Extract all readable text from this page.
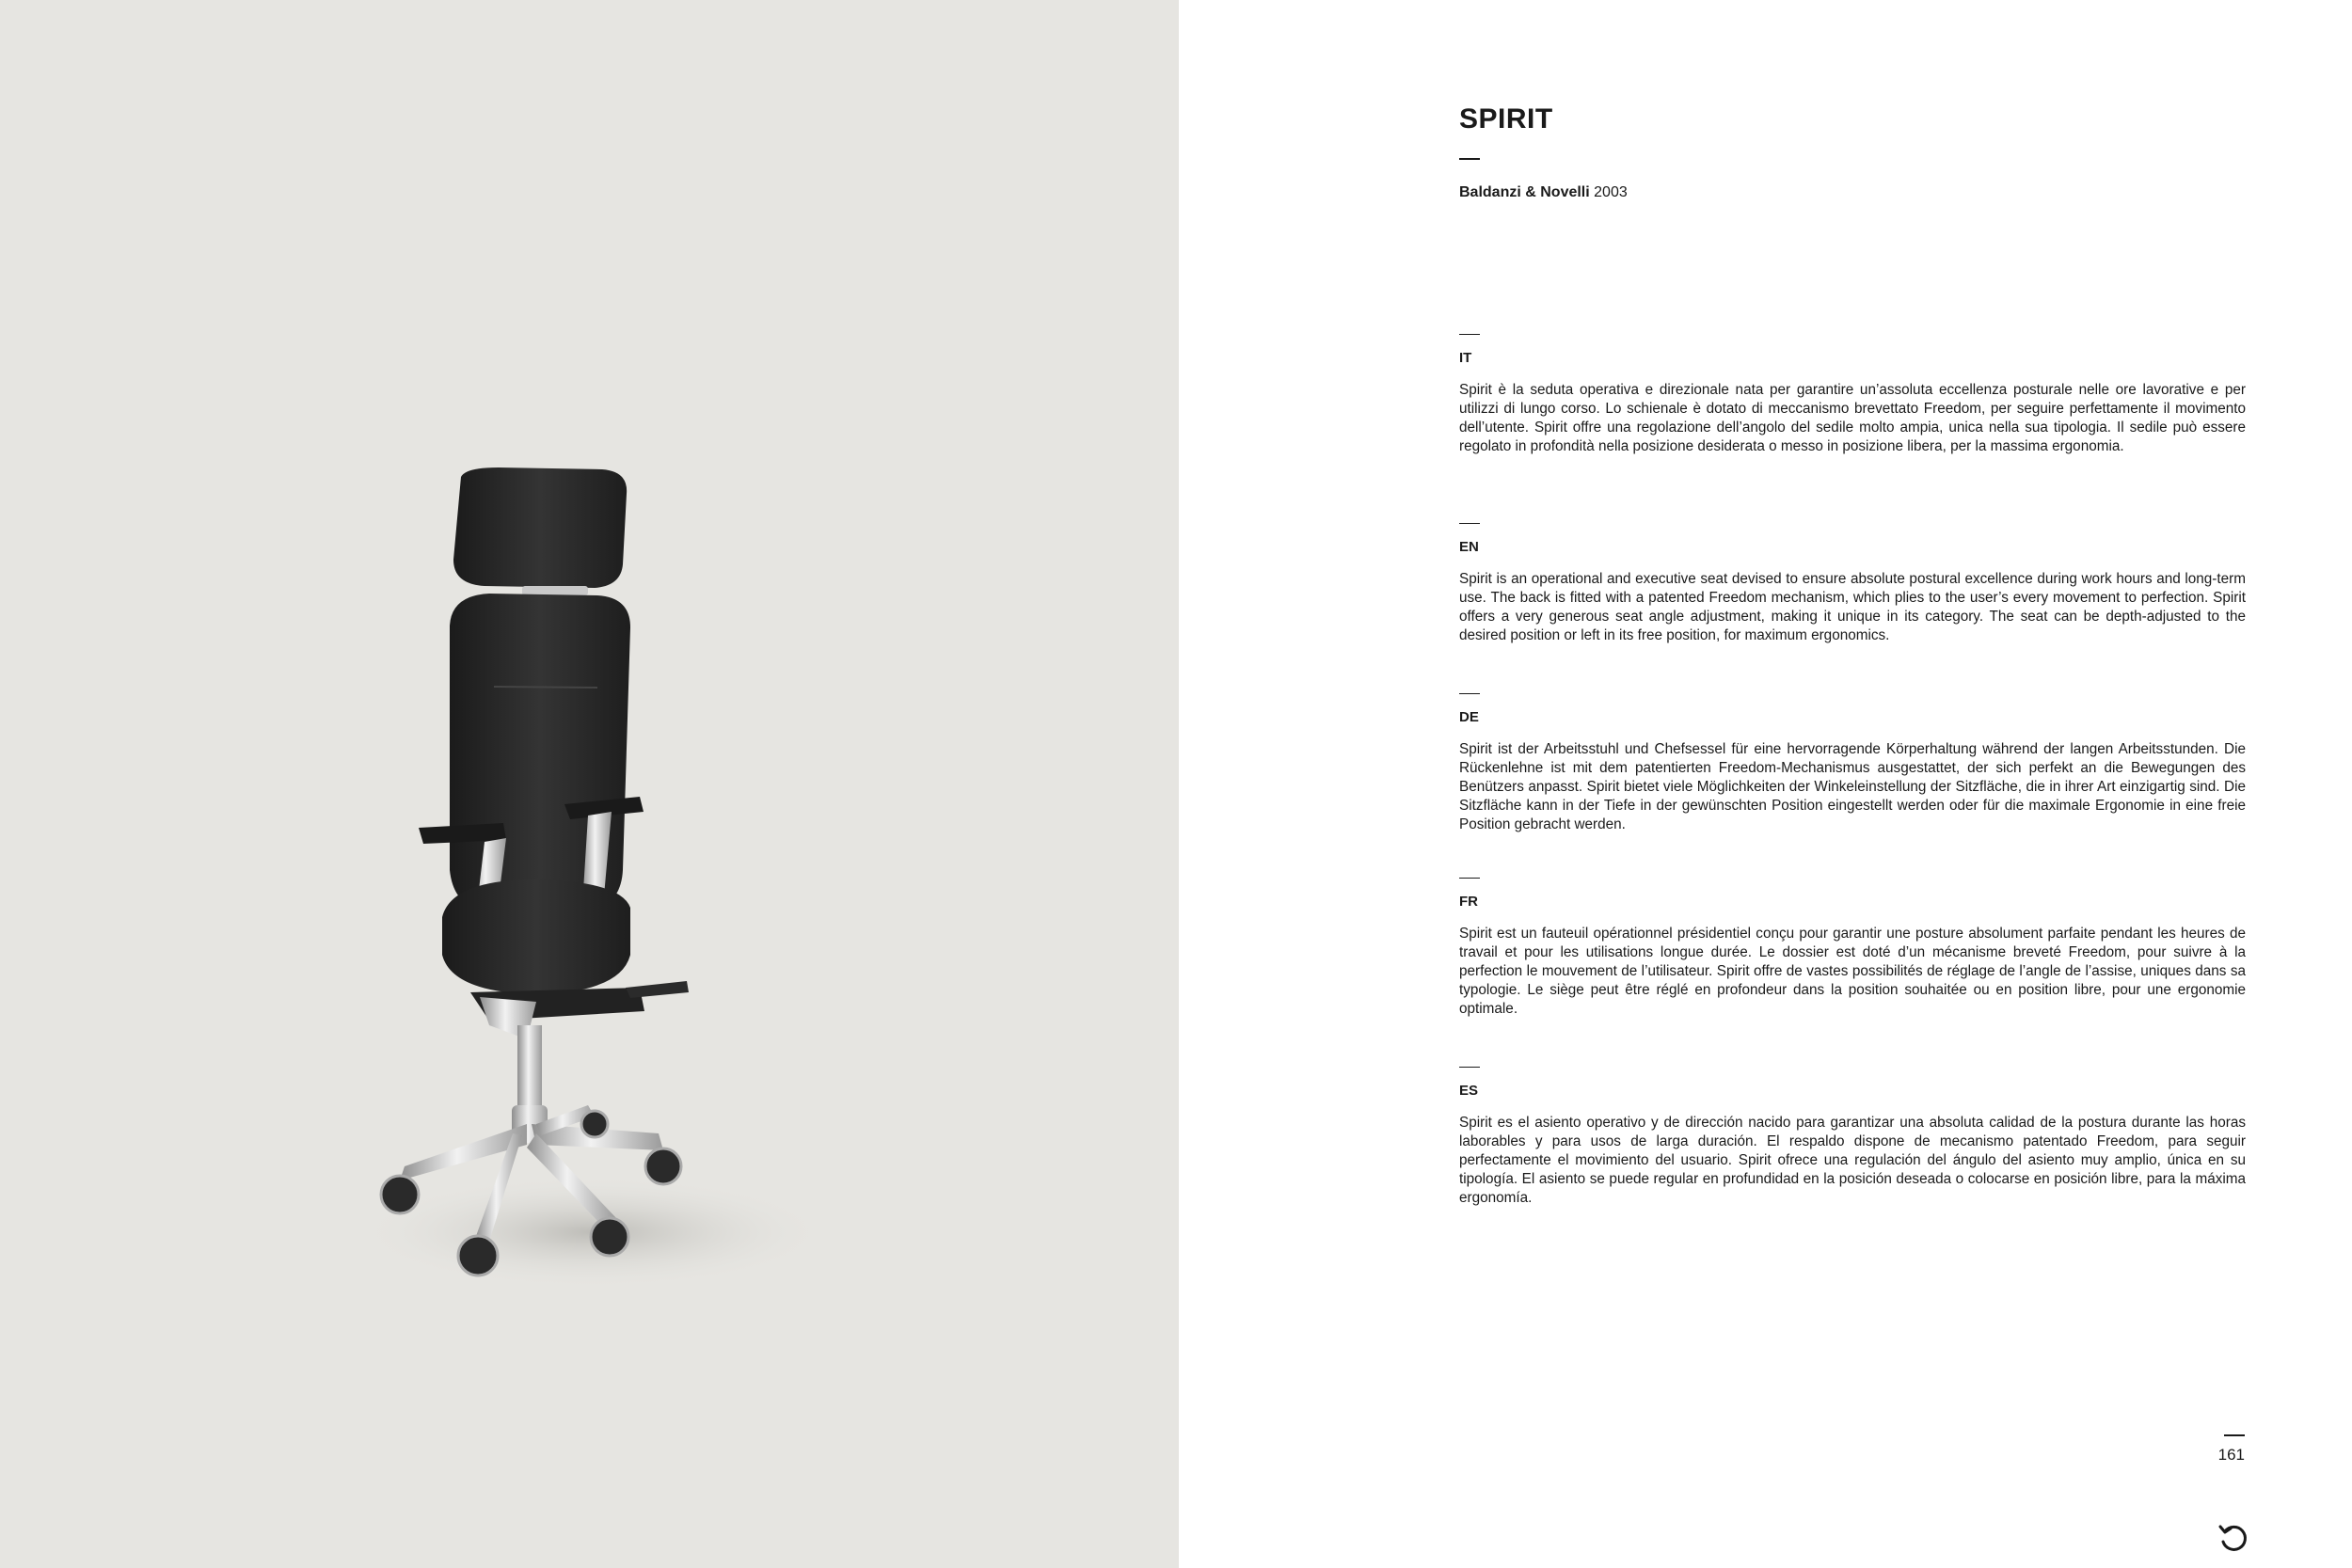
SPIRIT

Baldanzi & Novelli 2003

IT

Spirit è la seduta operativa e direzionale nata per garantire un’assoluta eccellenza posturale nelle ore lavorative e per utilizzi di lungo corso. Lo schienale è dotato di meccanismo brevettato Freedom, per seguire perfettamente il movimento dell’utente. Spirit offre una regolazione dell’angolo del sedile molto ampia, unica nella sua tipologia. Il sedile può essere regolato in profondità nella posizione desiderata o messo in posizione libera, per la massima ergonomia.

EN

Spirit is an operational and executive seat devised to ensure absolute postural excellence during work hours and long-term use. The back is fitted with a patented Freedom mechanism, which plies to the user’s every movement to perfection. Spirit offers a very generous seat angle adjustment, making it unique in its category. The seat can be depth-adjusted to the desired position or left in its free position, for maximum ergonomics.

DE

Spirit ist der Arbeitsstuhl und Chefsessel für eine hervorragende Körperhaltung während der langen Arbeitsstunden. Die Rückenlehne ist mit dem patentierten Freedom-Mechanismus ausgestattet, der sich perfekt an die Bewegungen des Benützers anpasst. Spirit bietet viele Möglichkeiten der Winkeleinstellung der Sitzfläche, die in ihrer Art einzigartig sind. Die Sitzfläche kann in der Tiefe in der gewünschten Position eingestellt werden oder für die maximale Ergonomie in eine freie Position gebracht werden.

FR

Spirit est un fauteuil opérationnel présidentiel conçu pour garantir une posture absolument parfaite pendant les heures de travail et pour les utilisations longue durée. Le dossier est doté d’un mécanisme breveté Freedom, pour suivre à la perfection le mouvement de l’utilisateur. Spirit offre de vastes possibilités de réglage de l’angle de l’assise, uniques dans sa typologie. Le siège peut être réglé en profondeur dans la position souhaitée ou en position libre, pour une ergonomie optimale.

ES

Spirit es el asiento operativo y de dirección nacido para garantizar una absoluta calidad de la postura durante las horas laborables y para usos de larga duración. El respaldo dispone de mecanismo patentado Freedom, para seguir perfectamente el movimiento del usuario. Spirit ofrece una regulación del ángulo del asiento muy amplio, única en su tipología. El asiento se puede regular en profundidad en la posición deseada o colocarse en posición libre, para la máxima ergonomía.

161
